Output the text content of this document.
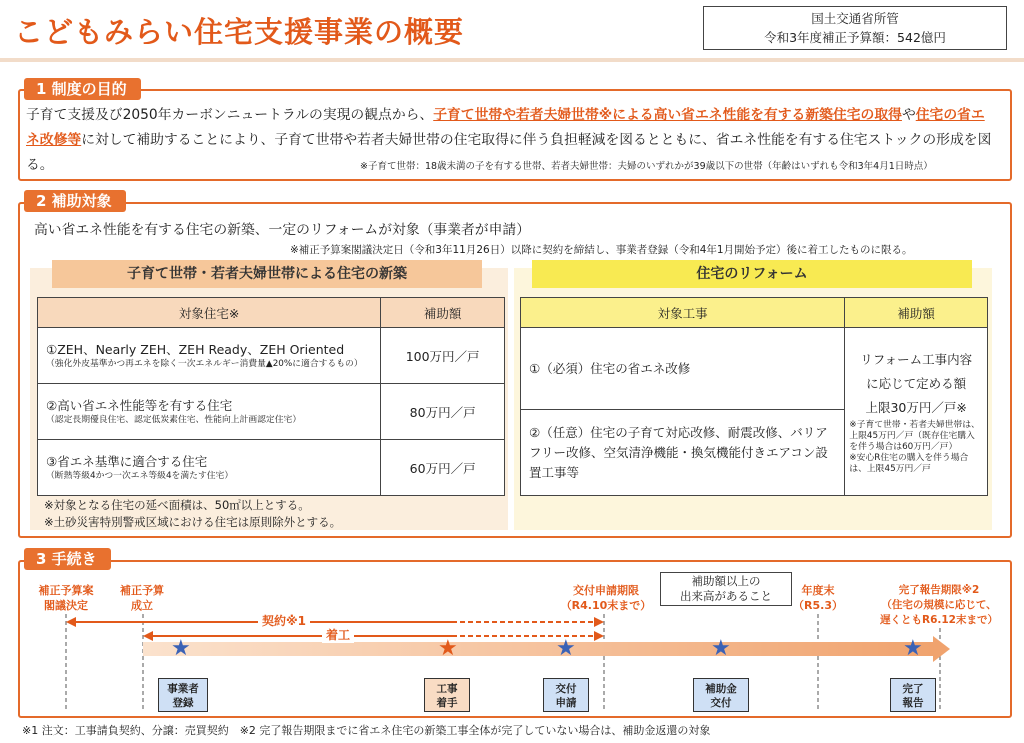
こどもみらい住宅支援事業の概要	国土交通省所管
令和3年度補正予算額：542億円
1 制度の目的
子育て支援及び2050年カーボンニュートラルの実現の観点から、子育て世帯や若者夫婦世帯※による高い省エネ性能を有する新築住宅の取得や住宅の省エネ改修等に対して補助することにより、子育て世帯や若者夫婦世帯の住宅取得に伴う負担軽減を図るとともに、省エネ性能を有する住宅ストックの形成を図る。	※子育て世帯：18歳未満の子を有する世帯、若者夫婦世帯：夫婦のいずれかが39歳以下の世帯（年齢はいずれも令和3年4月1日時点）
2 補助対象
高い省エネ性能を有する住宅の新築、一定のリフォームが対象（事業者が申請）
※補正予算案閣議決定日（令和3年11月26日）以降に契約を締結し、事業者登録（令和4年1月開始予定）後に着工したものに限る。
子育て世帯・若者夫婦世帯による住宅の新築
対象住宅※	補助額
①ZEH、Nearly ZEH、ZEH Ready、ZEH Oriented
（強化外皮基準かつ再エネを除く一次エネルギー消費量▲20%に適合するもの）	100万円／戸
②高い省エネ性能等を有する住宅
（認定長期優良住宅、認定低炭素住宅、性能向上計画認定住宅）	80万円／戸
③省エネ基準に適合する住宅
（断熱等級4かつ一次エネ等級4を満たす住宅）	60万円／戸
※対象となる住宅の延べ面積は、50㎡以上とする。
※土砂災害特別警戒区域における住宅は原則除外とする。
住宅のリフォーム
対象工事	補助額
①（必須）住宅の省エネ改修	リフォーム工事内容
に応じて定める額
上限30万円／戸※
※子育て世帯・若者夫婦世帯は、上限45万円／戸（既存住宅購入を伴う場合は60万円／戸）
※安心R住宅の購入を伴う場合は、上限45万円／戸

②（任意）住宅の子育て対応改修、耐震改修、バリアフリー改修、空気清浄機能・換気機能付きエアコン設置工事等	
3 手続き
補正予算案
閣議決定
補正予算
成立
交付申請期限
（R4.10末まで）
補助額以上の
出来高があること	年度末
（R5.3）
完了報告期限※2
（住宅の規模に応じて、
遅くともR6.12末まで）
契約※1
着工
★	★	★	★	★
事業者
登録
工事
着手
交付
申請
補助金
交付
完了
報告
※1 注文：工事請負契約、分譲：売買契約　※2 完了報告期限までに省エネ住宅の新築工事全体が完了していない場合は、補助金返還の対象
